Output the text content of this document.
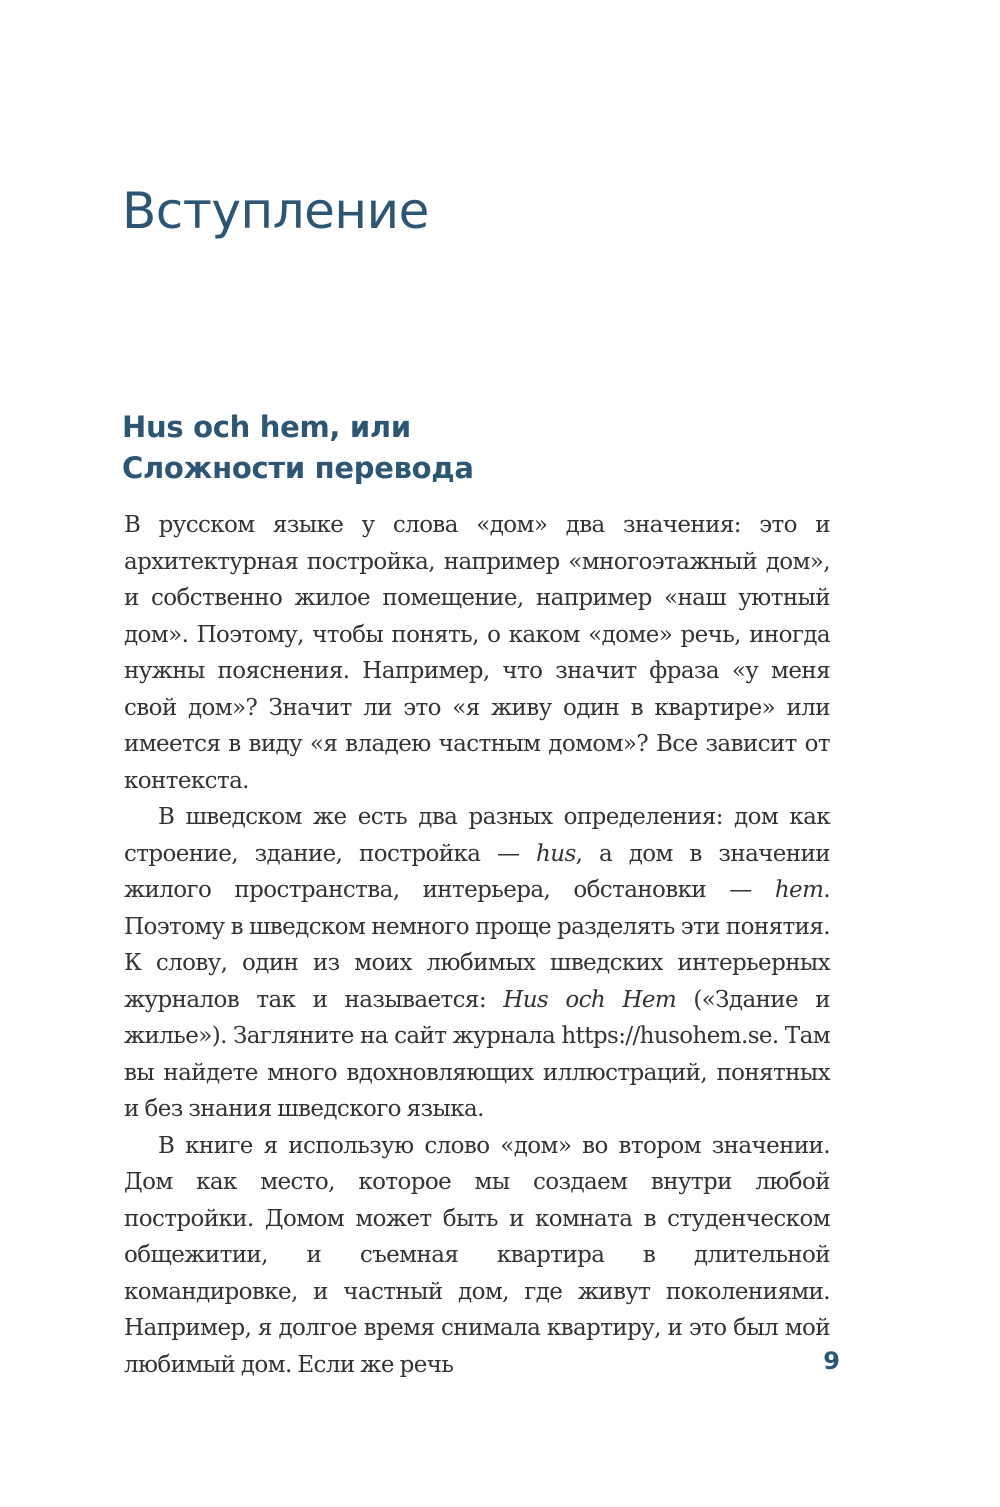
Вступление
Hus och hem, или
Сложности перевода

В русском языке у слова «дом» два значения: это и архитектурная постройка, например «многоэтажный дом», и собственно жилое помещение, например «наш уютный дом». Поэтому, чтобы понять, о каком «доме» речь, иногда нужны пояснения. Например, что значит фраза «у меня свой дом»? Значит ли это «я живу один в квартире» или имеется в виду «я владею частным домом»? Все зависит от контекста.

В шведском же есть два разных определения: дом как строение, здание, постройка — hus, а дом в значении жилого пространства, интерьера, обстановки — hem. Поэтому в шведском немного проще разделять эти понятия. К слову, один из моих любимых шведских интерьерных журналов так и называется: Hus och Hem («Здание и жилье»). Загляните на сайт журнала https://husohem.se. Там вы найдете много вдохновляющих иллюстраций, понятных и без знания шведского языка.

В книге я использую слово «дом» во втором значении. Дом как место, которое мы создаем внутри любой постройки. Домом может быть и комната в студенческом общежитии, и съемная квартира в длительной командировке, и частный дом, где живут поколениями. Например, я долгое время снимала квартиру, и это был мой любимый дом. Если же речь	9
